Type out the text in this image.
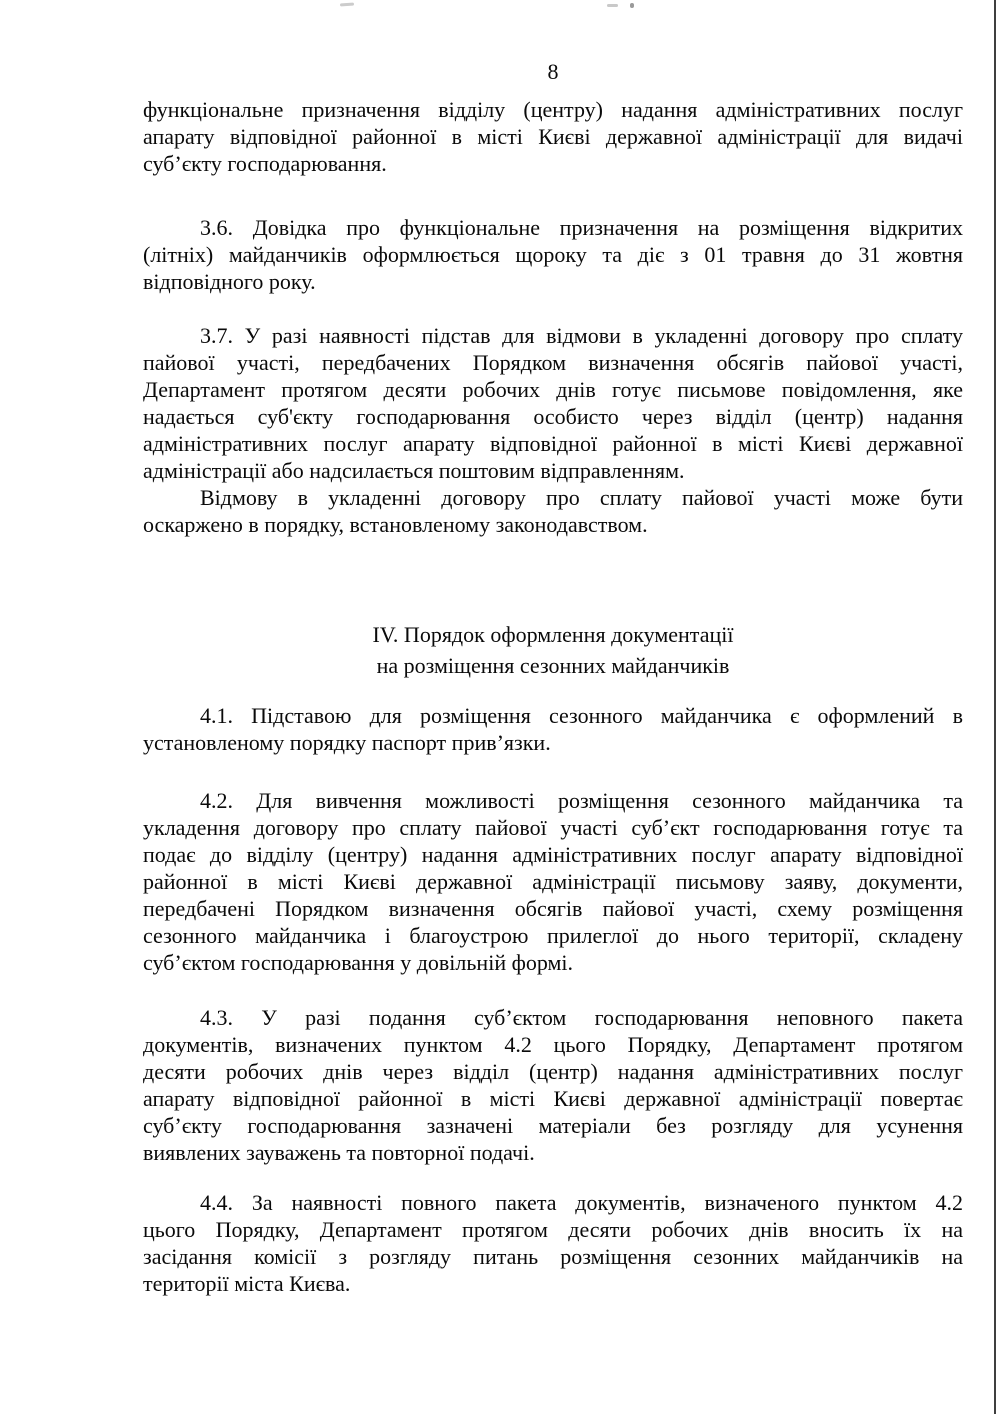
8
функціональне призначення відділу (центру) надання адміністративних послуг
апарату відповідної районної в місті Києві державної адміністрації для видачі
суб’єкту господарювання.
3.6. Довідка про функціональне призначення на розміщення відкритих
(літніх) майданчиків оформлюється щороку та діє з 01 травня до 31 жовтня
відповідного року.
3.7. У разі наявності підстав для відмови в укладенні договору про сплату
пайової участі, передбачених Порядком визначення обсягів пайової участі,
Департамент протягом десяти робочих днів готує письмове повідомлення, яке
надається суб'єкту господарювання особисто через відділ (центр) надання
адміністративних послуг апарату відповідної районної в місті Києві державної
адміністрації або надсилається поштовим відправленням.
Відмову в укладенні договору про сплату пайової участі може бути
оскаржено в порядку, встановленому законодавством.
IV. Порядок оформлення документації
на розміщення сезонних майданчиків
4.1. Підставою для розміщення сезонного майданчика є оформлений в
установленому порядку паспорт прив’язки.
4.2. Для вивчення можливості розміщення сезонного майданчика та
укладення договору про сплату пайової участі суб’єкт господарювання готує та
подає до відділу (центру) надання адміністративних послуг апарату відповідної
районної в місті Києві державної адміністрації письмову заяву, документи,
передбачені Порядком визначення обсягів пайової участі, схему розміщення
сезонного майданчика і благоустрою прилеглої до нього території, складену
суб’єктом господарювання у довільній формі.
4.3. У разі подання суб’єктом господарювання неповного пакета
документів, визначених пунктом 4.2 цього Порядку, Департамент протягом
десяти робочих днів через відділ (центр) надання адміністративних послуг
апарату відповідної районної в місті Києві державної адміністрації повертає
суб’єкту господарювання зазначені матеріали без розгляду для усунення
виявлених зауважень та повторної подачі.
4.4. За наявності повного пакета документів, визначеного пунктом 4.2
цього Порядку, Департамент протягом десяти робочих днів вносить їх на
засідання комісії з розгляду питань розміщення сезонних майданчиків на
території міста Києва.
